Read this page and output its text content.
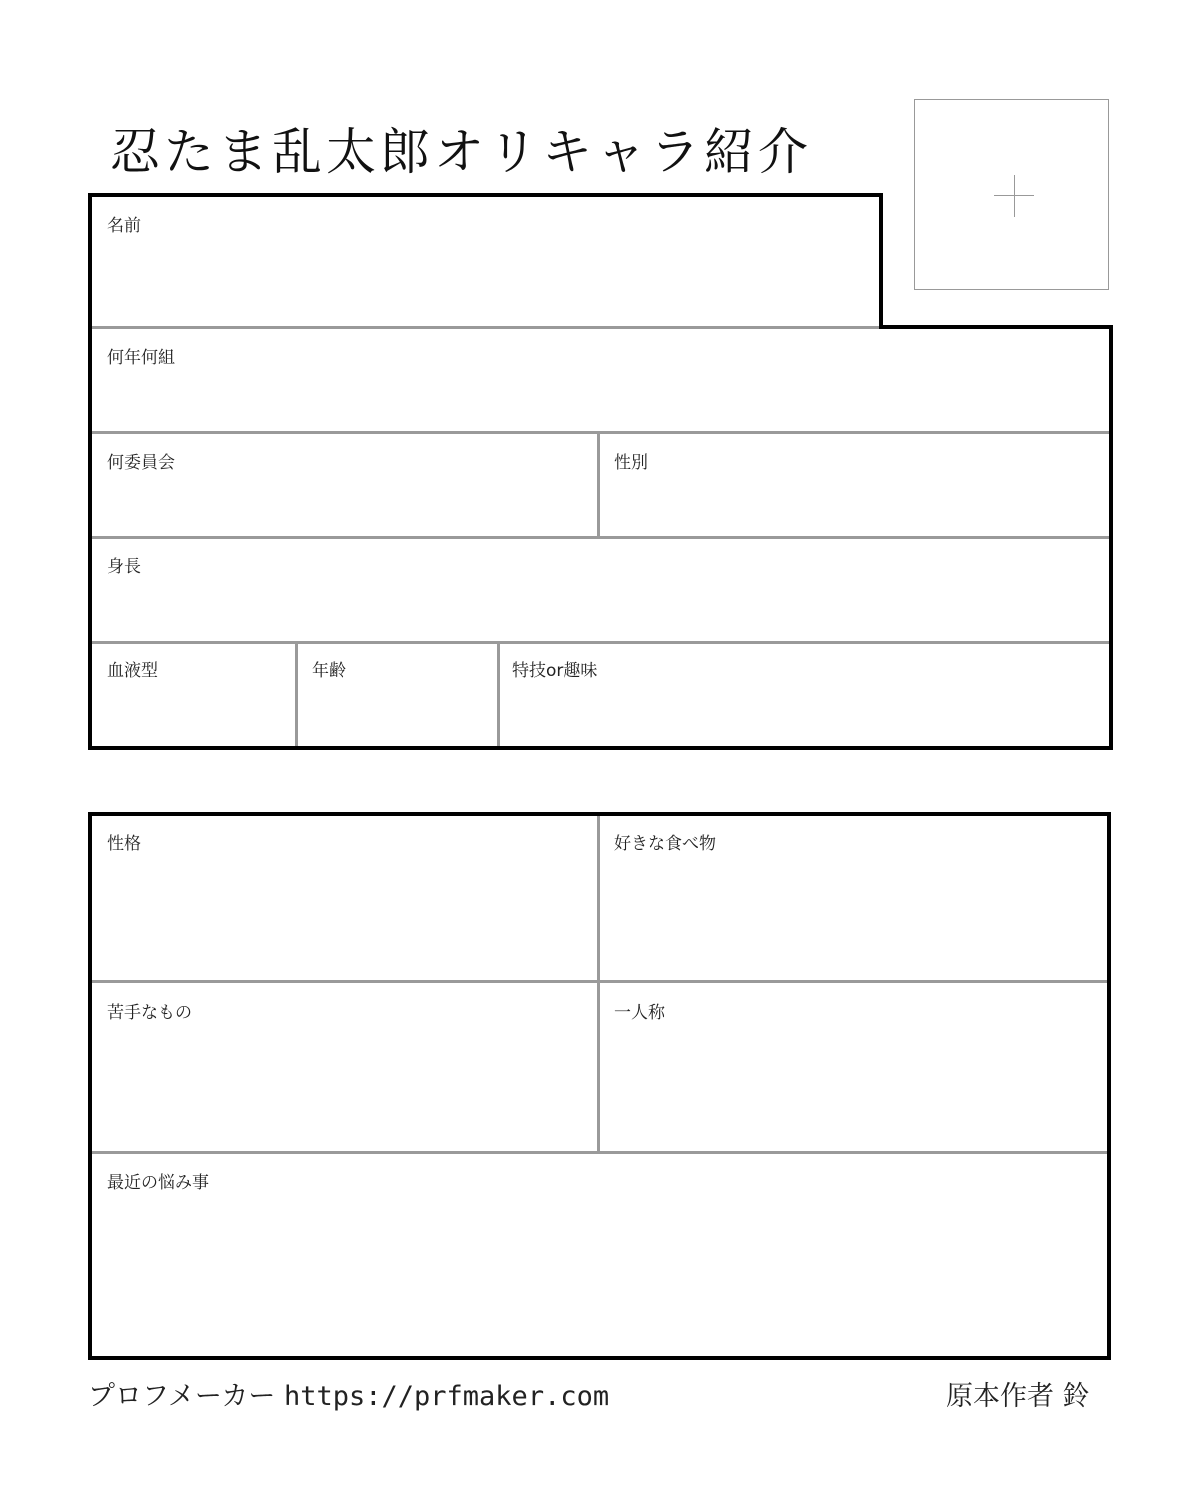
忍たま乱太郎オリキャラ紹介
名前
何年何組
何委員会	性別
身長
血液型	年齢	特技or趣味
性格	好きな食べ物
苦手なもの	一人称
最近の悩み事
プロフメーカー https://prfmaker.com	原本作者 鈴
